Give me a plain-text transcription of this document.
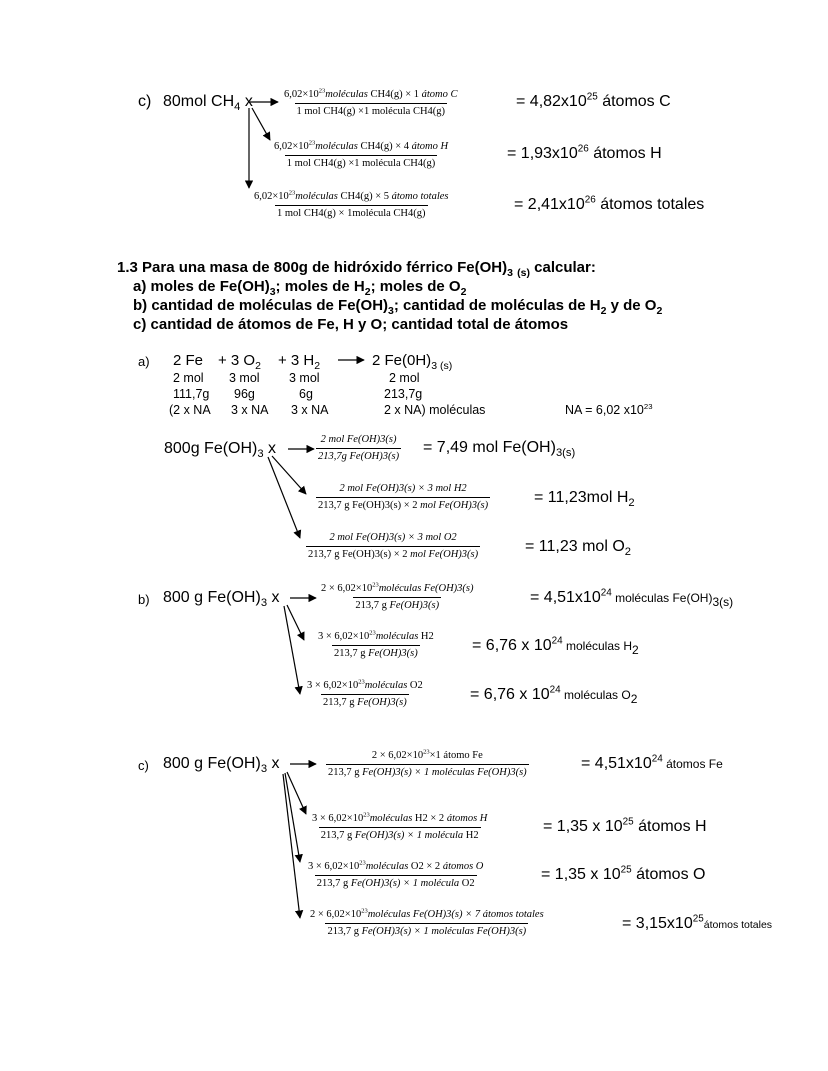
c) 80mol $CH_4$ x	$6,02\times 10^{23}moléculas$ CH4(g) × 1 átomo C
1 mol CH4(g) ×1 molécula CH4(g)
= $4,82x10^{25}$ átomos C
$6,02\times 10^{23}moléculas$ CH4(g) × 4 átomo H
1 mol CH4(g) ×1 molécula CH4(g)
= $1,93x10^{26}$ átomos H
$6,02\times 10^{23}moléculas$ CH4(g) × 5 átomo totales
1 mol CH4(g) × 1molécula CH4(g)
= $2,41x10^{26}$ átomos totales
1.3 Para una masa de 800g de hidróxido férrico $Fe(OH)_3$ $_{(s)}$ calcular:
a) moles de $Fe(OH)_3$; moles de $H_2$; moles de $O_2$
b) cantidad de moléculas de $Fe(OH)_3$; cantidad de moléculas de $H_2$ y de $O_2$
c) cantidad de átomos de Fe, H y O; cantidad total de átomos
a) 2 Fe + 3 $O_2 + 3$ $H_2$	2 $Fe(0H)_{3 (s)}$
2 mol 3 mol 3 mol	2 mol
111,7g 96g	6g	213,7g
(2 x NA 3 x NA 3 x NA	2 x NA) moléculas	NA = 6,02 $x10^{23}$
800g $Fe(OH)_3$ x
2 mol Fe(OH)3(s)
213,7g Fe(OH)3(s)
= 7,49 mol $Fe(OH)_{3(s)}$
2 mol Fe(OH)3(s) × 3 mol H2
213,7 g Fe(OH)3(s) × 2 mol Fe(OH)3(s)	= 11,23mol $H_2$
2 mol Fe(OH)3(s) × 3 mol O2
213,7 g Fe(OH)3(s) × 2 mol Fe(OH)3(s)	= 11,23 mol $O_2$
b) 800 g $Fe(OH)_3$ x
$2 \times 6,02\times 10^{23}moléculas$ Fe(OH)3(s)
213,7 g Fe(OH)3(s)	= $4,51x10^{24}$ moléculas $Fe(OH)_{3(s)}$
$3 \times 6,02\times 10^{23}moléculas$ H2
213,7 g Fe(OH)3(s)	= 6,76 x $10^{24}$ moléculas $H_2$
$3 \times 6,02\times 10^{23}moléculas$ O2
213,7 g Fe(OH)3(s)	= 6,76 x $10^{24}$ moléculas $O_2$
c) 800 g $Fe(OH)_3$ x	$2 \times 6,02\times 10^{23}\times 1$ átomo Fe
213,7 g Fe(OH)3(s) × 1 moléculas Fe(OH)3(s)
= $4,51x10^{24}$ átomos Fe
$3 \times 6,02\times 10^{23}moléculas$ H2 × 2 átomos H
213,7 g Fe(OH)3(s) × 1 molécula H2
= 1,35 x $10^{25}$ átomos H
$3 \times 6,02\times 10^{23}moléculas$ O2 × 2 átomos O
213,7 g Fe(OH)3(s) × 1 molécula O2
= 1,35 x $10^{25}$ átomos O
$2 \times 6,02\times 10^{23}moléculas$ Fe(OH)3(s) × 7 átomos totales
213,7 g Fe(OH)3(s) × 1 moléculas Fe(OH)3(s)	= $3,15x10^{25}átomos$ totales
